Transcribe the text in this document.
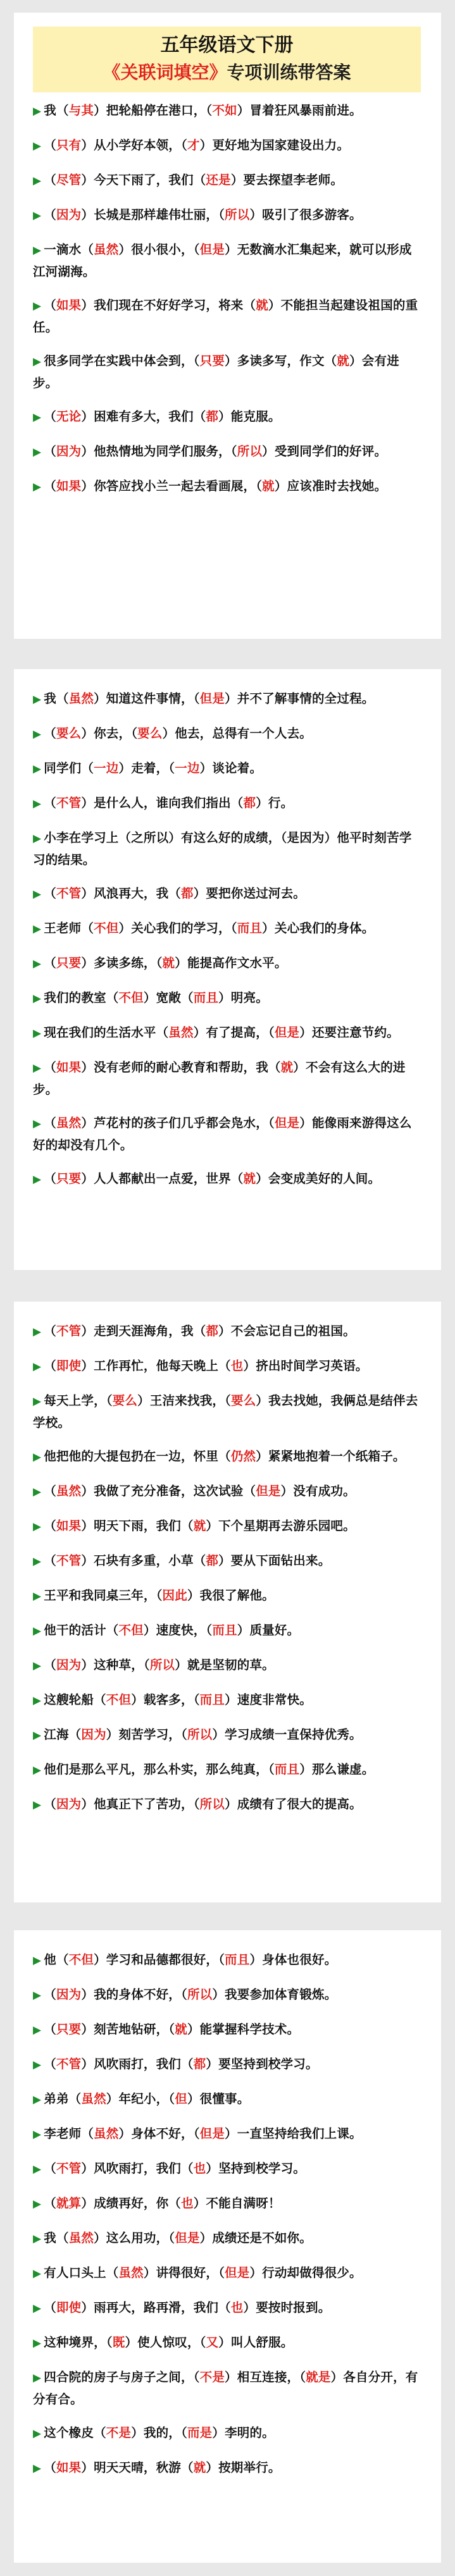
五年级语文下册
《关联词填空》专项训练带答案
▶ 我（与其）把轮船停在港口，（不如）冒着狂风暴雨前进。
▶ （只有）从小学好本领，（才）更好地为国家建设出力。
▶ （尽管）今天下雨了，我们（还是）要去探望李老师。
▶ （因为）长城是那样雄伟壮丽，（所以）吸引了很多游客。
▶ 一滴水（虽然）很小很小，（但是）无数滴水汇集起来，就可以形成江河湖海。
▶ （如果）我们现在不好好学习，将来（就）不能担当起建设祖国的重任。
▶ 很多同学在实践中体会到，（只要）多读多写，作文（就）会有进步。
▶ （无论）困难有多大，我们（都）能克服。
▶ （因为）他热情地为同学们服务，（所以）受到同学们的好评。
▶ （如果）你答应找小兰一起去看画展，（就）应该准时去找她。
▶ 我（虽然）知道这件事情，（但是）并不了解事情的全过程。
▶ （要么）你去，（要么）他去，总得有一个人去。
▶ 同学们（一边）走着，（一边）谈论着。
▶ （不管）是什么人，谁向我们指出（都）行。
▶ 小李在学习上（之所以）有这么好的成绩，（是因为）他平时刻苦学习的结果。
▶ （不管）风浪再大，我（都）要把你送过河去。
▶ 王老师（不但）关心我们的学习，（而且）关心我们的身体。
▶ （只要）多读多练，（就）能提高作文水平。
▶ 我们的教室（不但）宽敞（而且）明亮。
▶ 现在我们的生活水平（虽然）有了提高，（但是）还要注意节约。
▶ （如果）没有老师的耐心教育和帮助，我（就）不会有这么大的进步。
▶ （虽然）芦花村的孩子们几乎都会凫水，（但是）能像雨来游得这么好的却没有几个。
▶ （只要）人人都献出一点爱，世界（就）会变成美好的人间。
▶ （不管）走到天涯海角，我（都）不会忘记自己的祖国。
▶ （即使）工作再忙，他每天晚上（也）挤出时间学习英语。
▶ 每天上学，（要么）王洁来找我，（要么）我去找她，我俩总是结伴去学校。
▶ 他把他的大提包扔在一边，怀里（仍然）紧紧地抱着一个纸箱子。
▶ （虽然）我做了充分准备，这次试验（但是）没有成功。
▶ （如果）明天下雨，我们（就）下个星期再去游乐园吧。
▶ （不管）石块有多重，小草（都）要从下面钻出来。
▶ 王平和我同桌三年，（因此）我很了解他。
▶ 他干的活计（不但）速度快，（而且）质量好。
▶ （因为）这种草，（所以）就是坚韧的草。
▶ 这艘轮船（不但）载客多，（而且）速度非常快。
▶ 江海（因为）刻苦学习，（所以）学习成绩一直保持优秀。
▶ 他们是那么平凡，那么朴实，那么纯真，（而且）那么谦虚。
▶ （因为）他真正下了苦功，（所以）成绩有了很大的提高。
▶ 他（不但）学习和品德都很好，（而且）身体也很好。
▶ （因为）我的身体不好，（所以）我要参加体育锻炼。
▶ （只要）刻苦地钻研，（就）能掌握科学技术。
▶ （不管）风吹雨打，我们（都）要坚持到校学习。
▶ 弟弟（虽然）年纪小，（但）很懂事。
▶ 李老师（虽然）身体不好，（但是）一直坚持给我们上课。
▶ （不管）风吹雨打，我们（也）坚持到校学习。
▶ （就算）成绩再好，你（也）不能自满呀！
▶ 我（虽然）这么用功，（但是）成绩还是不如你。
▶ 有人口头上（虽然）讲得很好，（但是）行动却做得很少。
▶ （即使）雨再大，路再滑，我们（也）要按时报到。
▶ 这种境界，（既）使人惊叹，（又）叫人舒服。
▶ 四合院的房子与房子之间，（不是）相互连接，（就是）各自分开，有分有合。
▶ 这个橡皮（不是）我的，（而是）李明的。
▶ （如果）明天天晴，秋游（就）按期举行。
